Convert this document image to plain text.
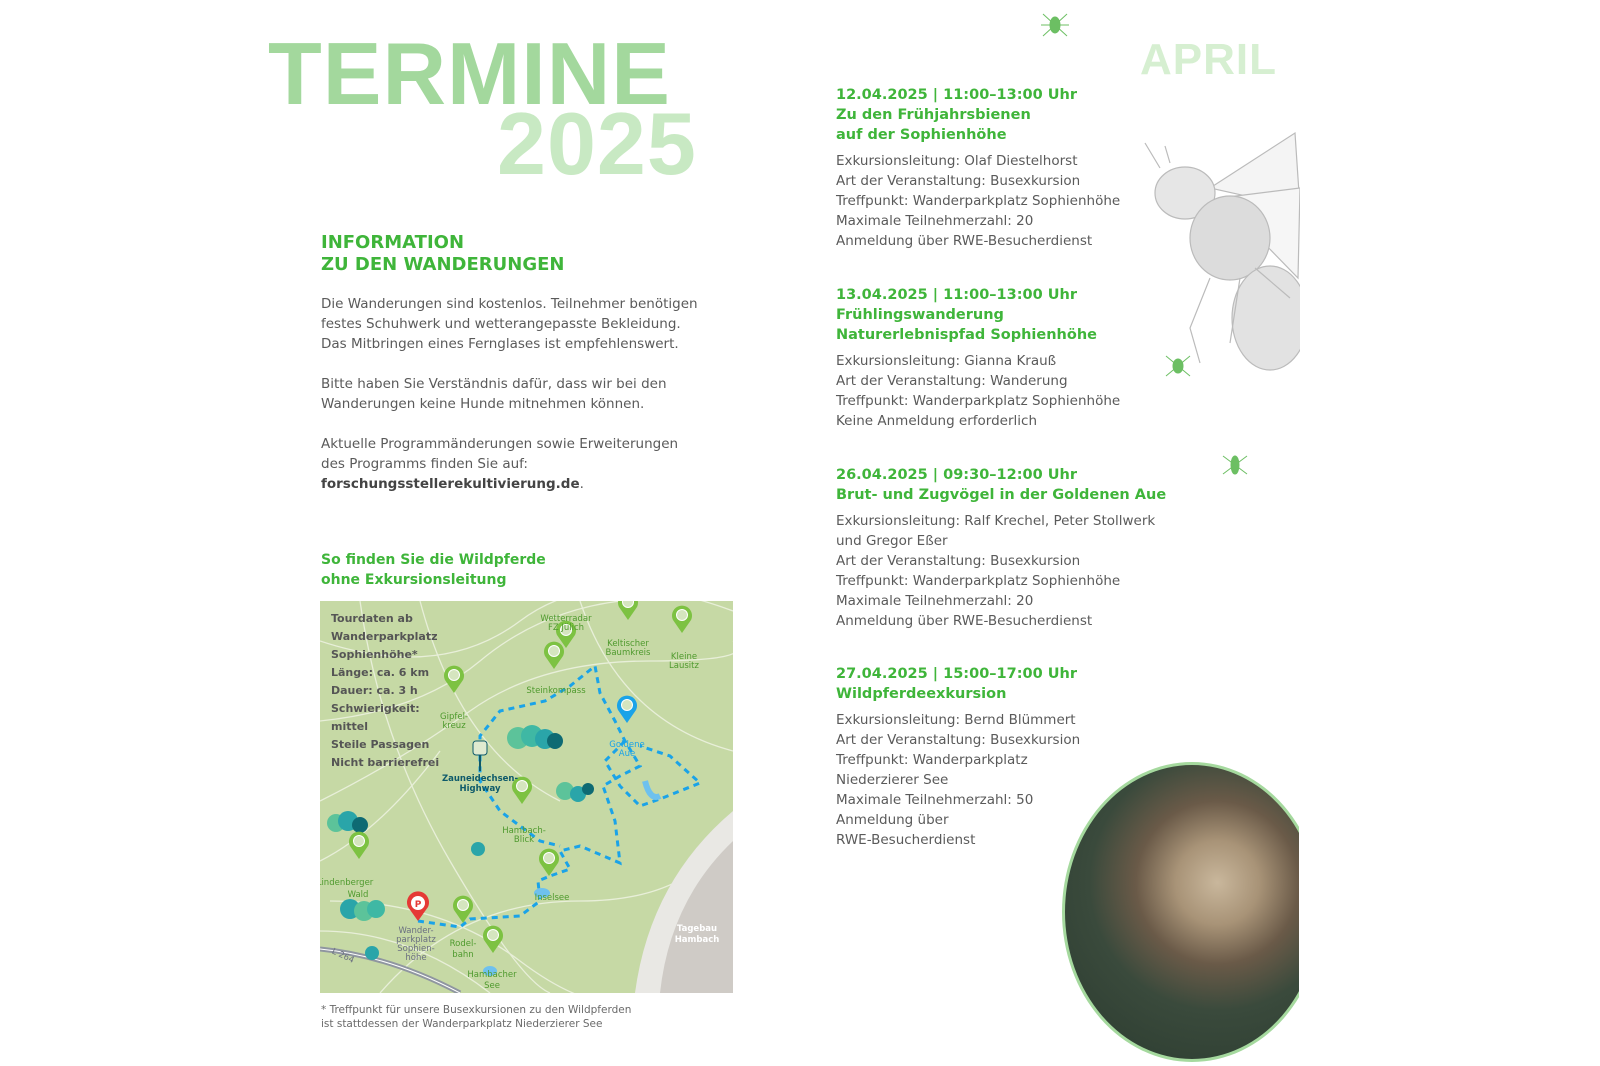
TERMINE
2025
APRIL
INFORMATION
ZU DEN WANDERUNGEN

Die Wanderungen sind kostenlos. Teilnehmer benötigen
festes Schuhwerk und wetterangepasste Bekleidung.
Das Mitbringen eines Fernglases ist empfehlenswert.

Bitte haben Sie Verständnis dafür, dass wir bei den
Wanderungen keine Hunde mitnehmen können.

Aktuelle Programmänderungen sowie Erweiterungen
des Programms finden Sie auf:
forschungsstellerekultivierung.de.

So finden Sie die Wildpferde
ohne Exkursionsleitung
Tourdaten ab
Wanderparkplatz
Sophienhöhe*
Länge: ca. 6 km
Dauer: ca. 3 h
Schwierigkeit:
mittel
Steile Passagen
Nicht barrierefrei
Wetterradar
FZ Jülich
Keltischer
Baumkreis Kleine
Lausitz
Steinkompass
Gipfel-
kreuz
Hambach-
Blick
Lindenberger
Wald	Inselsee
Rodel-
bahn
Hambacher
See
Goldene
Aue
Zauneidechsen-
Highway
Wander-
parkplatz
Sophien-
höhe
L 264
Tagebau
Hambach
P
* Treffpunkt für unsere Busexkursionen zu den Wildpferden
ist stattdessen der Wanderparkplatz Niederzierer See
12.04.2025 | 11:00–13:00 Uhr
Zu den Frühjahrsbienen
auf der Sophienhöhe
Exkursionsleitung: Olaf Diestelhorst
Art der Veranstaltung: Busexkursion
Treffpunkt: Wanderparkplatz Sophienhöhe
Maximale Teilnehmerzahl: 20
Anmeldung über RWE-Besucherdienst
13.04.2025 | 11:00–13:00 Uhr
Frühlingswanderung
Naturerlebnispfad Sophienhöhe
Exkursionsleitung: Gianna Krauß
Art der Veranstaltung: Wanderung
Treffpunkt: Wanderparkplatz Sophienhöhe
Keine Anmeldung erforderlich
26.04.2025 | 09:30–12:00 Uhr
Brut- und Zugvögel in der Goldenen Aue
Exkursionsleitung: Ralf Krechel, Peter Stollwerk
und Gregor Eßer
Art der Veranstaltung: Busexkursion
Treffpunkt: Wanderparkplatz Sophienhöhe
Maximale Teilnehmerzahl: 20
Anmeldung über RWE-Besucherdienst
27.04.2025 | 15:00–17:00 Uhr
Wildpferdeexkursion
Exkursionsleitung: Bernd Blümmert
Art der Veranstaltung: Busexkursion
Treffpunkt: Wanderparkplatz
Niederzierer See
Maximale Teilnehmerzahl: 50
Anmeldung über
RWE-Besucherdienst
